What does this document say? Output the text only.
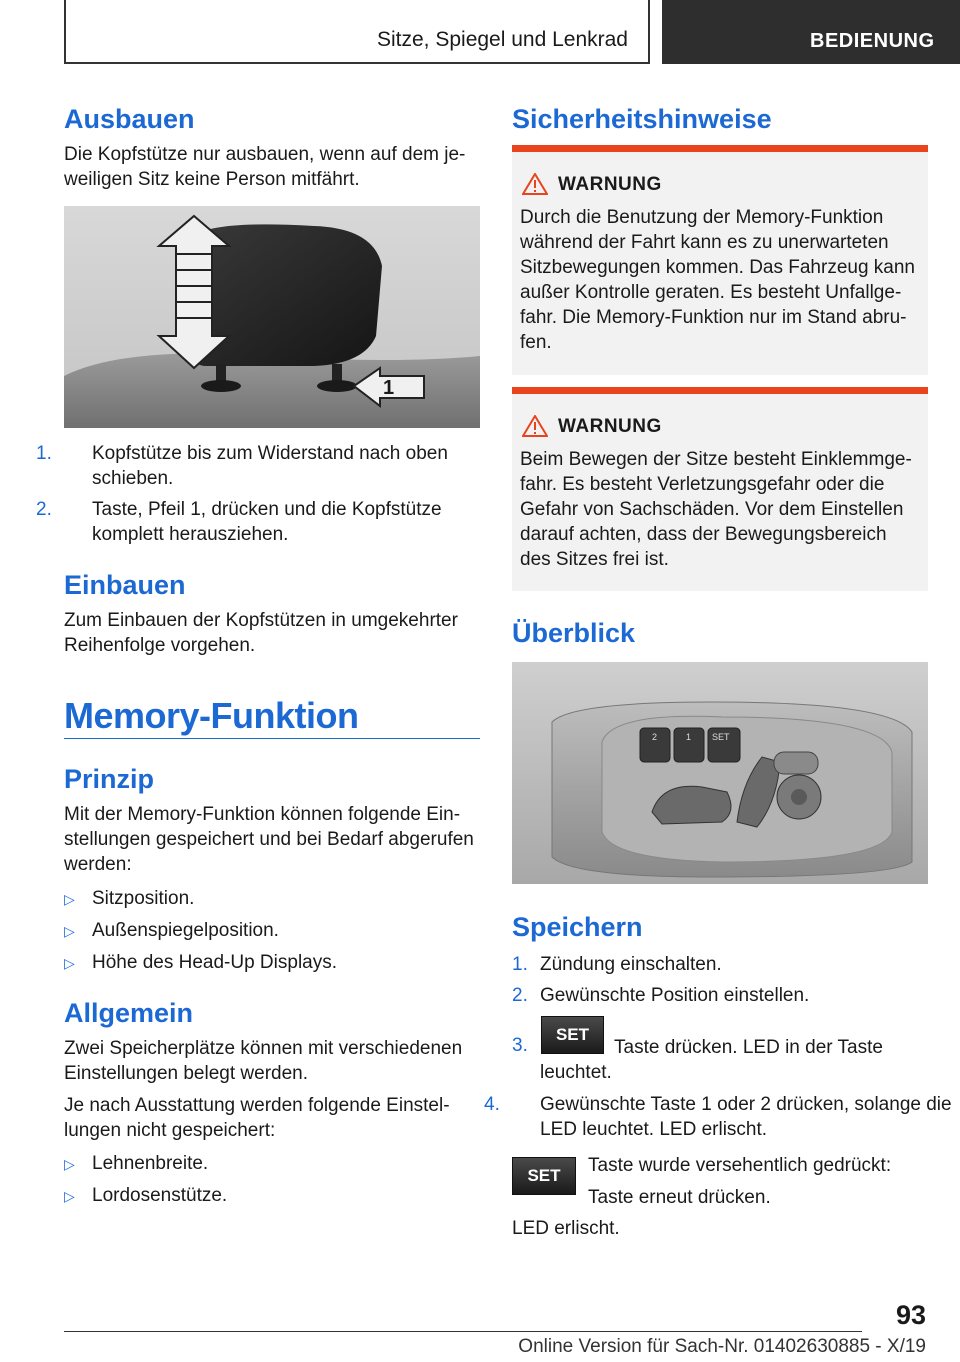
Sitze, Spiegel und Lenkrad	BEDIENUNG
Ausbauen
Die Kopfstütze nur ausbauen, wenn auf dem je-weiligen Sitz keine Person mitfährt.
1
1. Kopfstütze bis zum Widerstand nach oben schieben.
2. Taste, Pfeil 1, drücken und die Kopfstütze komplett herausziehen.
Einbauen
Zum Einbauen der Kopfstützen in umgekehrter Reihenfolge vorgehen.
Memory-Funktion
Prinzip
Mit der Memory-Funktion können folgende Ein-stellungen gespeichert und bei Bedarf abgerufen werden:
▷ Sitzposition.
▷ Außenspiegelposition.
▷ Höhe des Head-Up Displays.
Allgemein
Zwei Speicherplätze können mit verschiedenen Einstellungen belegt werden.
Je nach Ausstattung werden folgende Einstel-lungen nicht gespeichert:
▷ Lehnenbreite.
▷ Lordosenstütze.
Sicherheitshinweise
WARNUNG
Durch die Benutzung der Memory-Funktion während der Fahrt kann es zu unerwarteten Sitzbewegungen kommen. Das Fahrzeug kann außer Kontrolle geraten. Es besteht Unfallge-fahr. Die Memory-Funktion nur im Stand abru-fen.
WARNUNG
Beim Bewegen der Sitze besteht Einklemmge-fahr. Es besteht Verletzungsgefahr oder die Gefahr von Sachschäden. Vor dem Einstellen darauf achten, dass der Bewegungsbereich des Sitzes frei ist.
Überblick
2	1 SET
Speichern
1. Zündung einschalten.
2. Gewünschte Position einstellen.
3.
SET
Taste drücken. LED in der Taste leuchtet.
4. Gewünschte Taste 1 oder 2 drücken, solange die LED leuchtet. LED erlischt.
SET	Taste wurde versehentlich gedrückt:
Taste erneut drücken.
LED erlischt.
93
Online Version für Sach-Nr. 01402630885 - X/19
